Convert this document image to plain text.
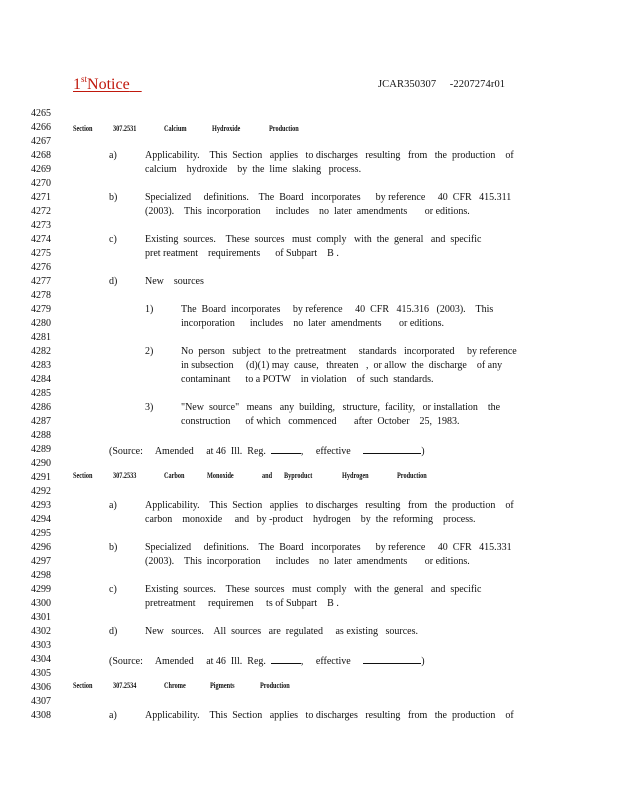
1stNotice	JCAR350307     -2207274r01
4265
4266
4267
4268
4269
4270
4271
4272
4273
4274
4275
4276
4277
4278
4279
4280
4281
4282
4283
4284
4285
4286
4287
4288
4289
4290
4291
4292
4293
4294
4295
4296
4297
4298
4299
4300
4301
4302
4303
4304
4305
4306
4307
4308
Section	307.2531	Calcium	Hydroxide	Production
a)	Applicability.    This  Section   applies   to discharges   resulting   from   the  production    of
calcium    hydroxide    by  the  lime  slaking   process.
b)	Specialized     definitions.    The  Board   incorporates      by reference     40  CFR   415.311
(2003).    This  incorporation      includes    no  later  amendments       or editions.
c)	Existing  sources.    These  sources   must  comply   with  the  general   and  specific
pret reatment    requirements      of Subpart    B .
d)	New    sources
1)	The  Board  incorporates     by reference     40  CFR   415.316   (2003).    This
incorporation      includes    no  later  amendments       or editions.
2)	No  person   subject   to the  pretreatment     standards   incorporated     by reference
in subsection     (d)(1) may  cause,   threaten   ,  or allow  the  discharge    of any
contaminant      to a POTW    in violation    of  such  standards.
3)	"New  source"   means   any  building,   structure,  facility,   or installation    the
construction      of which   commenced       after  October    25,  1983.
(Source:     Amended     at 46  Ill.  Reg.	, effective	)
Section	307.2533	Carbon	Monoxide	and Byproduct	Hydrogen	Production
a)	Applicability.    This  Section   applies   to discharges   resulting   from   the  production    of
carbon    monoxide     and   by -product    hydrogen    by  the  reforming    process.
b)	Specialized     definitions.    The  Board   incorporates      by reference     40  CFR   415.331
(2003).    This  incorporation      includes    no  later  amendments       or editions.
c)	Existing  sources.    These  sources   must  comply   with  the  general   and  specific
pretreatment     requiremen     ts of Subpart    B .
d)	New   sources.    All  sources   are  regulated     as existing   sources.
(Source:     Amended     at 46  Ill.  Reg.	, effective	)
Section	307.2534	Chrome	Pigments	Production
a)	Applicability.    This  Section   applies   to discharges   resulting   from   the  production    of
